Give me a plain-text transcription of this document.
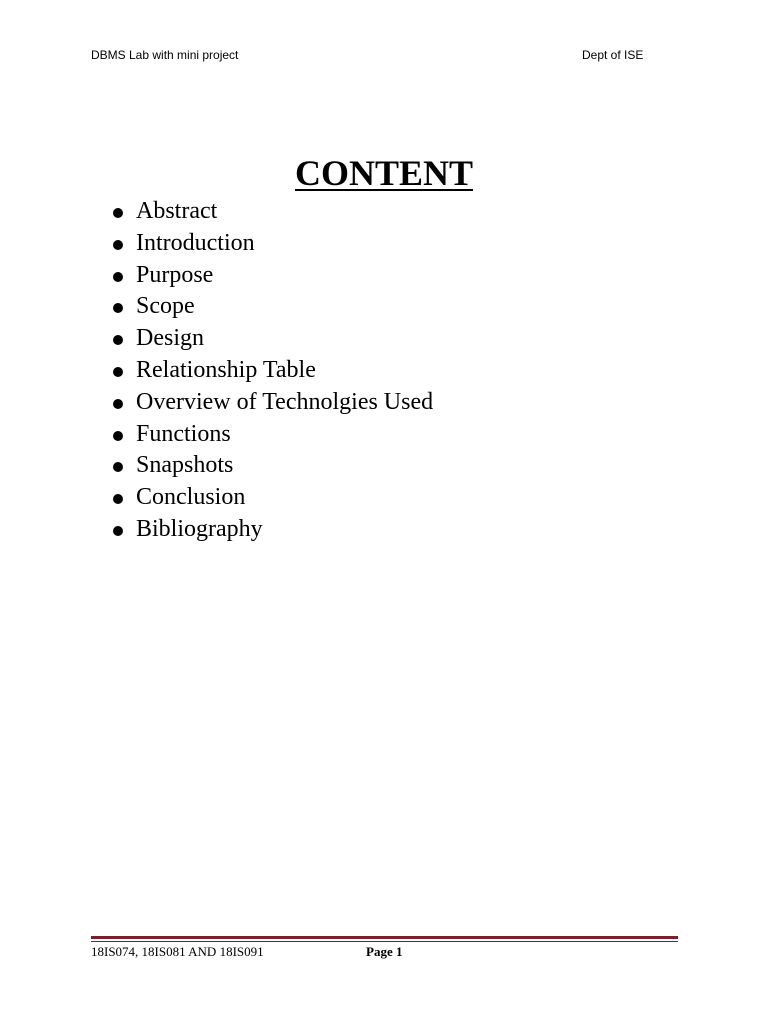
DBMS Lab with mini project	Dept of ISE
CONTENT
Abstract
Introduction
Purpose
Scope
Design
Relationship Table
Overview of Technolgies Used
Functions
Snapshots
Conclusion
Bibliography
18IS074, 18IS081 AND 18IS091	Page 1
